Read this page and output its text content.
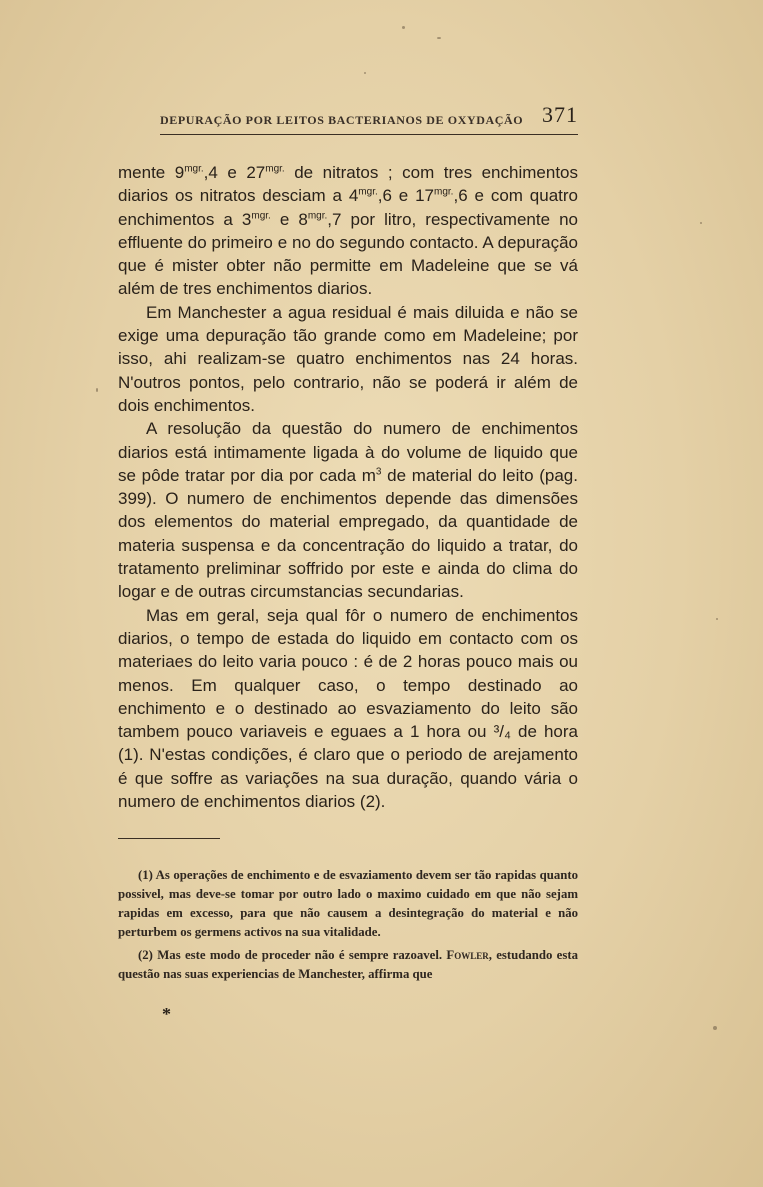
DEPURAÇÃO POR LEITOS BACTERIANOS DE OXYDAÇÃO 371

mente $9^{mgr.},4$ e $27^{mgr.}$ de nitratos ; com tres enchimentos diarios os nitratos desciam a $4^{mgr.},6$ e $17^{mgr.},6$ e com quatro enchimentos a $3^{mgr.}$ e $8^{mgr.},7$ por litro, respectivamente no effluente do primeiro e no do segundo contacto. A depuração que é mister obter não permitte em Madeleine que se vá além de tres enchimentos diarios.

Em Manchester a agua residual é mais diluida e não se exige uma depuração tão grande como em Madeleine; por isso, ahi realizam-se quatro enchimentos nas 24 horas. N'outros pontos, pelo contrario, não se poderá ir além de dois enchimentos.

A resolução da questão do numero de enchimentos diarios está intimamente ligada à do volume de liquido que se pôde tratar por dia por cada $m^3$ de material do leito (pag. 399). O numero de enchimentos depende das dimensões dos elementos do material empregado, da quantidade de materia suspensa e da concentração do liquido a tratar, do tratamento preliminar soffrido por este e ainda do clima do logar e de outras circumstancias secundarias.

Mas em geral, seja qual fôr o numero de enchimentos diarios, o tempo de estada do liquido em contacto com os materiaes do leito varia pouco : é de 2 horas pouco mais ou menos. Em qualquer caso, o tempo destinado ao enchimento e o destinado ao esvaziamento do leito são tambem pouco variaveis e eguaes a 1 hora ou ³/₄ de hora (1). N'estas condições, é claro que o periodo de arejamento é que soffre as variações na sua duração, quando vária o numero de enchimentos diarios (2).

(1) As operações de enchimento e de esvaziamento devem ser tão rapidas quanto possivel, mas deve-se tomar por outro lado o maximo cuidado em que não sejam rapidas em excesso, para que não causem a desintegração do material e não perturbem os germens activos na sua vitalidade.

(2) Mas este modo de proceder não é sempre razoavel. Fowler, estudando esta questão nas suas experiencias de Manchester, affirma que

*
